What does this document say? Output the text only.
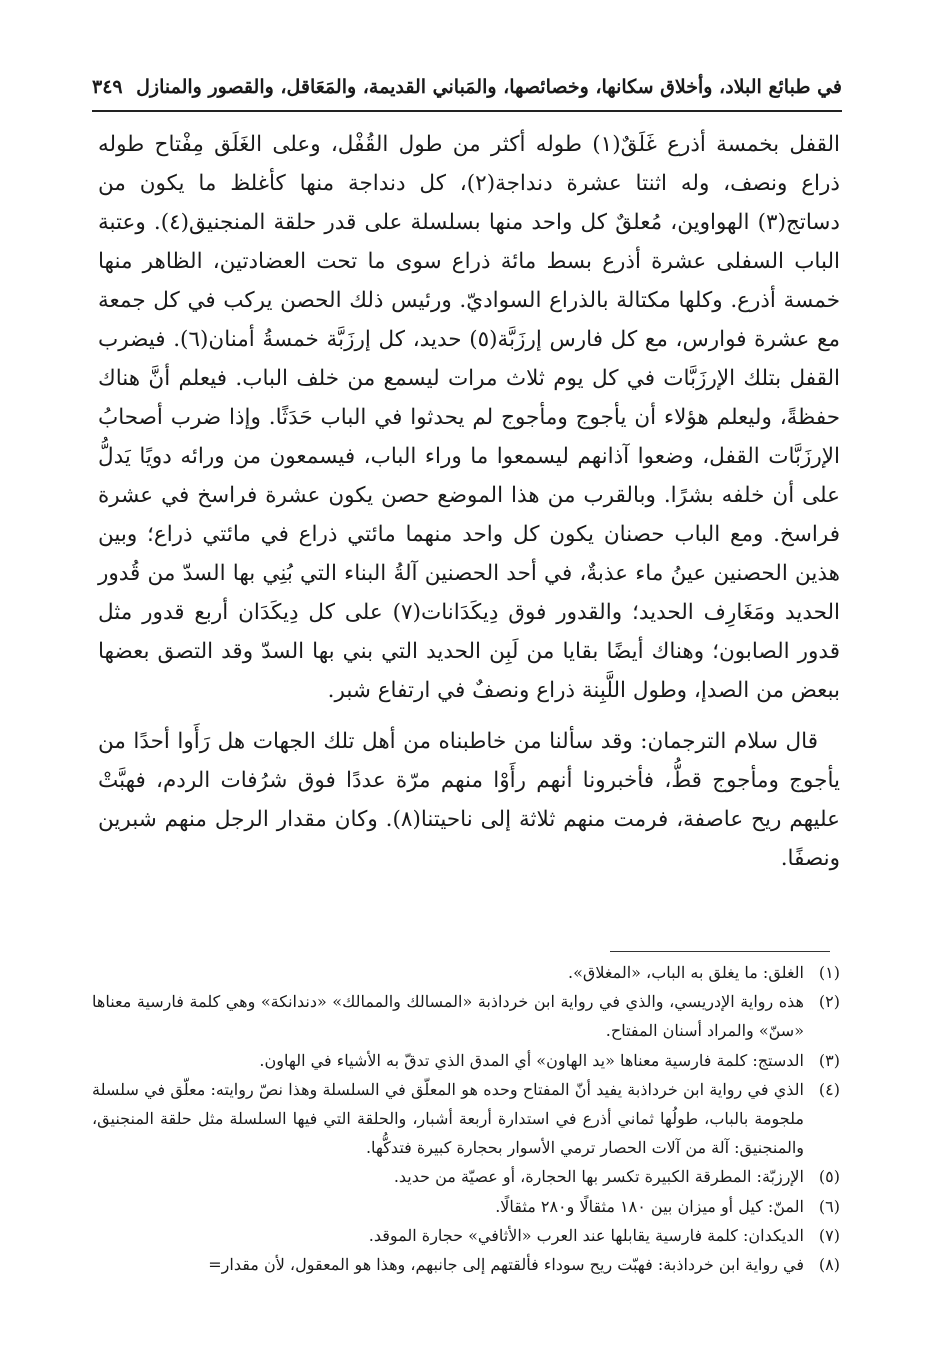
في طبائع البلاد، وأخلاق سكانها، وخصائصها، والمَباني القديمة، والمَعَاقل، والقصور والمنازل
٣٤٩

القفل بخمسة أذرع غَلَقٌ(١) طوله أكثر من طول القُفْل، وعلى الغَلَق مِفْتاح طوله ذراع ونصف، وله اثنتا عشرة دنداجة(٢)، كل دنداجة منها كأغلظ ما يكون من دساتج(٣) الهواوين، مُعلقٌ كل واحد منها بسلسلة على قدر حلقة المنجنيق(٤). وعتبة الباب السفلى عشرة أذرع بسط مائة ذراع سوى ما تحت العضادتين، الظاهر منها خمسة أذرع. وكلها مكتالة بالذراع السواديّ. ورئيس ذلك الحصن يركب في كل جمعة مع عشرة فوارس، مع كل فارس إرزَبَّة(٥) حديد، كل إرزَبَّة خمسةُ أمنان(٦). فيضرب القفل بتلك الإرزَبَّات في كل يوم ثلاث مرات ليسمع من خلف الباب. فيعلم أنَّ هناك حفظةً، وليعلم هؤلاء أن يأجوج ومأجوج لم يحدثوا في الباب حَدَثًا. وإذا ضرب أصحابُ الإرزَبَّات القفل، وضعوا آذانهم ليسمعوا ما وراء الباب، فيسمعون من ورائه دويًا يَدلُّ على أن خلفه بشرًا. وبالقرب من هذا الموضع حصن يكون عشرة فراسخ في عشرة فراسخ. ومع الباب حصنان يكون كل واحد منهما مائتي ذراع في مائتي ذراع؛ وبين هذين الحصنين عينُ ماء عذبةٌ، في أحد الحصنين آلةُ البناء التي بُنِي بها السدّ من قُدور الحديد ومَغَارِف الحديد؛ والقدور فوق دِيكَدَانات(٧) على كل دِيكَدَان أربع قدور مثل قدور الصابون؛ وهناك أيضًا بقايا من لَبِن الحديد التي بني بها السدّ وقد التصق بعضها ببعض من الصدإ، وطول اللَّبِنة ذراع ونصفٌ في ارتفاع شبر.

قال سلام الترجمان: وقد سألنا من خاطبناه من أهل تلك الجهات هل رَأَوا أحدًا من يأجوج ومأجوج قطُّ، فأخبرونا أنهم رأَوْا منهم مرّة عددًا فوق شرُفات الردم، فهبَّتْ عليهم ريح عاصفة، فرمت منهم ثلاثة إلى ناحيتنا(٨). وكان مقدار الرجل منهم شبرين ونصفًا.

(١)
الغلق: ما يغلق به الباب، «المغلاق».
(٢)
هذه رواية الإدريسي، والذي في رواية ابن خرداذبة «المسالك والممالك» «دندانكة» وهي كلمة فارسية معناها «سنّ» والمراد أسنان المفتاح.
(٣)
الدستج: كلمة فارسية معناها «يد الهاون» أي المدق الذي تدقّ به الأشياء في الهاون.
(٤)
الذي في رواية ابن خرداذبة يفيد أنّ المفتاح وحده هو المعلّق في السلسلة وهذا نصّ روايته: معلّق في سلسلة ملجومة بالباب، طولُها ثماني أذرع في استدارة أربعة أشبار، والحلقة التي فيها السلسلة مثل حلقة المنجنيق، والمنجنيق: آلة من آلات الحصار ترمي الأسوار بحجارة كبيرة فتدكُّها.
(٥)
الإرزبّة: المطرقة الكبيرة تكسر بها الحجارة، أو عصيّة من حديد.
(٦)
المنّ: كيل أو ميزان بين ١٨٠ مثقالًا و٢٨٠ مثقالًا.
(٧)
الديكدان: كلمة فارسية يقابلها عند العرب «الأثافي» حجارة الموقد.
(٨)
في رواية ابن خرداذبة: فهبّت ريح سوداء فألقتهم إلى جانبهم، وهذا هو المعقول، لأن مقدار=
